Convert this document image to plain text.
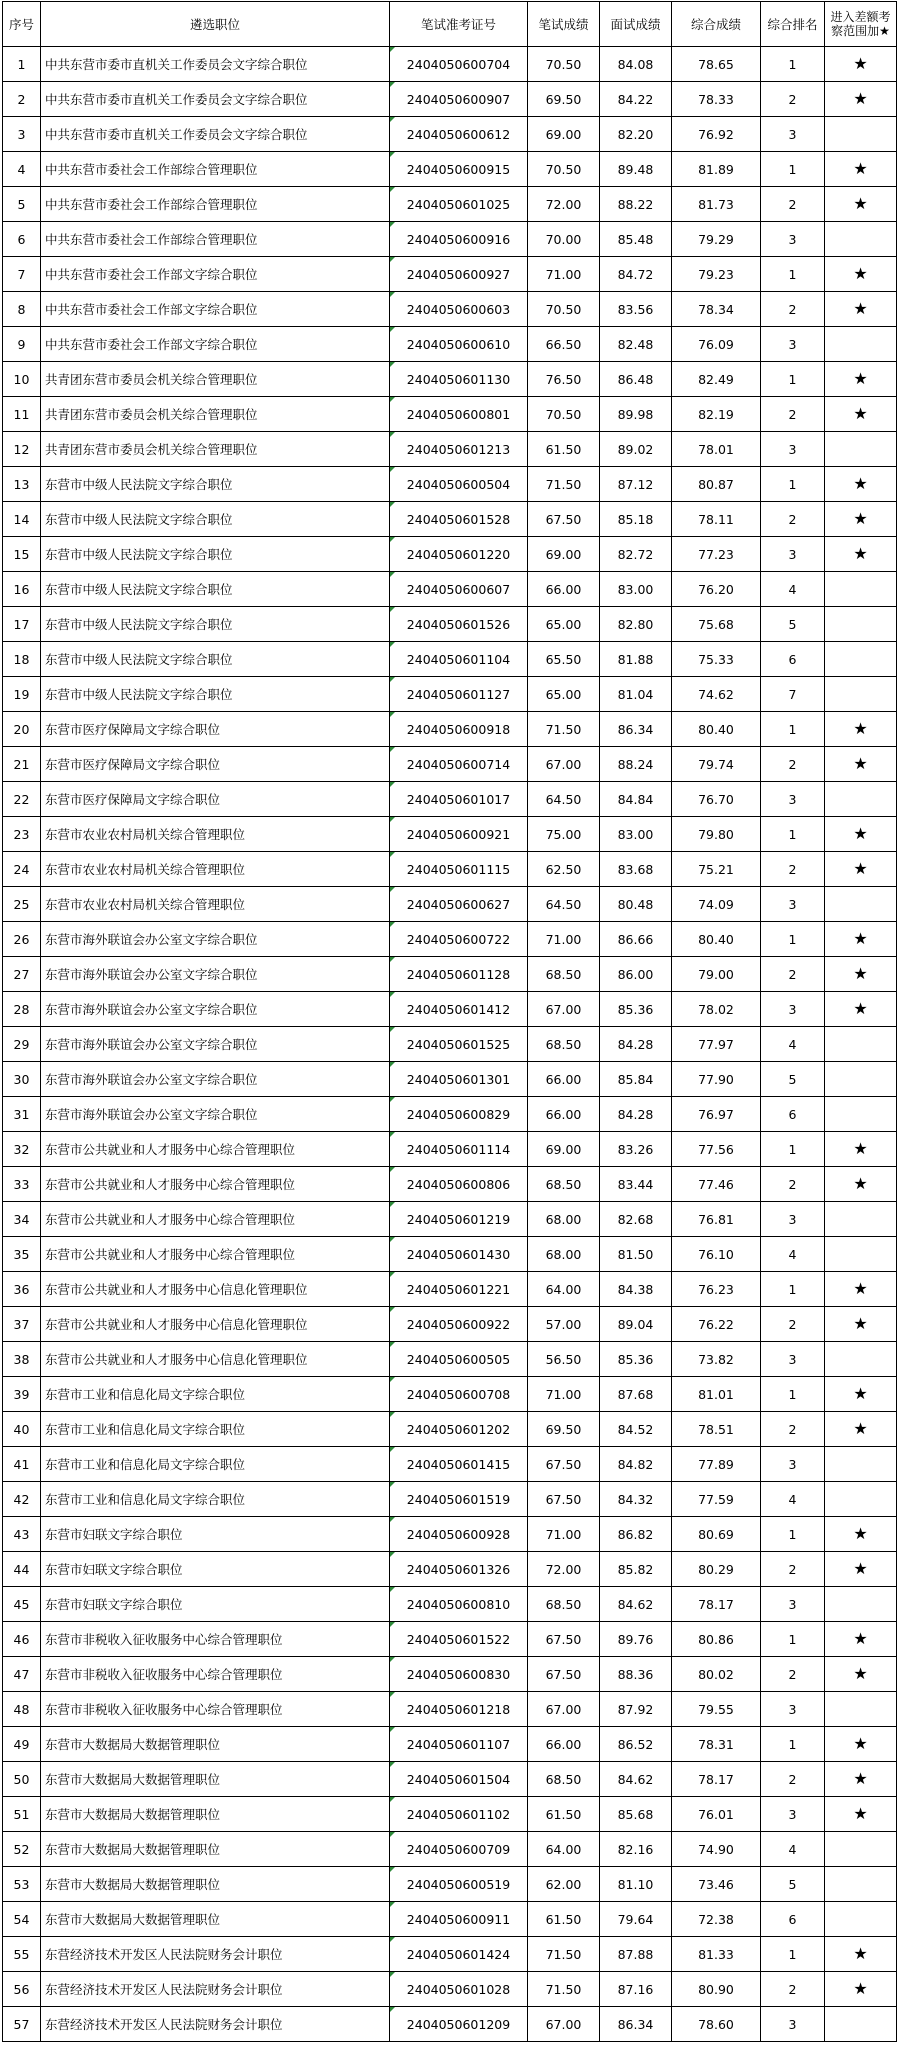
序号	遴选职位	笔试准考证号	笔试成绩	面试成绩	综合成绩	综合排名	进入差额考察范围加★
1	中共东营市委市直机关工作委员会文字综合职位	2404050600704	70.50	84.08	78.65	1	★
2	中共东营市委市直机关工作委员会文字综合职位	2404050600907	69.50	84.22	78.33	2	★
3	中共东营市委市直机关工作委员会文字综合职位	2404050600612	69.00	82.20	76.92	3	
4	中共东营市委社会工作部综合管理职位	2404050600915	70.50	89.48	81.89	1	★
5	中共东营市委社会工作部综合管理职位	2404050601025	72.00	88.22	81.73	2	★
6	中共东营市委社会工作部综合管理职位	2404050600916	70.00	85.48	79.29	3	
7	中共东营市委社会工作部文字综合职位	2404050600927	71.00	84.72	79.23	1	★
8	中共东营市委社会工作部文字综合职位	2404050600603	70.50	83.56	78.34	2	★
9	中共东营市委社会工作部文字综合职位	2404050600610	66.50	82.48	76.09	3	
10	共青团东营市委员会机关综合管理职位	2404050601130	76.50	86.48	82.49	1	★
11	共青团东营市委员会机关综合管理职位	2404050600801	70.50	89.98	82.19	2	★
12	共青团东营市委员会机关综合管理职位	2404050601213	61.50	89.02	78.01	3	
13	东营市中级人民法院文字综合职位	2404050600504	71.50	87.12	80.87	1	★
14	东营市中级人民法院文字综合职位	2404050601528	67.50	85.18	78.11	2	★
15	东营市中级人民法院文字综合职位	2404050601220	69.00	82.72	77.23	3	★
16	东营市中级人民法院文字综合职位	2404050600607	66.00	83.00	76.20	4	
17	东营市中级人民法院文字综合职位	2404050601526	65.00	82.80	75.68	5	
18	东营市中级人民法院文字综合职位	2404050601104	65.50	81.88	75.33	6	
19	东营市中级人民法院文字综合职位	2404050601127	65.00	81.04	74.62	7	
20	东营市医疗保障局文字综合职位	2404050600918	71.50	86.34	80.40	1	★
21	东营市医疗保障局文字综合职位	2404050600714	67.00	88.24	79.74	2	★
22	东营市医疗保障局文字综合职位	2404050601017	64.50	84.84	76.70	3	
23	东营市农业农村局机关综合管理职位	2404050600921	75.00	83.00	79.80	1	★
24	东营市农业农村局机关综合管理职位	2404050601115	62.50	83.68	75.21	2	★
25	东营市农业农村局机关综合管理职位	2404050600627	64.50	80.48	74.09	3	
26	东营市海外联谊会办公室文字综合职位	2404050600722	71.00	86.66	80.40	1	★
27	东营市海外联谊会办公室文字综合职位	2404050601128	68.50	86.00	79.00	2	★
28	东营市海外联谊会办公室文字综合职位	2404050601412	67.00	85.36	78.02	3	★
29	东营市海外联谊会办公室文字综合职位	2404050601525	68.50	84.28	77.97	4	
30	东营市海外联谊会办公室文字综合职位	2404050601301	66.00	85.84	77.90	5	
31	东营市海外联谊会办公室文字综合职位	2404050600829	66.00	84.28	76.97	6	
32	东营市公共就业和人才服务中心综合管理职位	2404050601114	69.00	83.26	77.56	1	★
33	东营市公共就业和人才服务中心综合管理职位	2404050600806	68.50	83.44	77.46	2	★
34	东营市公共就业和人才服务中心综合管理职位	2404050601219	68.00	82.68	76.81	3	
35	东营市公共就业和人才服务中心综合管理职位	2404050601430	68.00	81.50	76.10	4	
36	东营市公共就业和人才服务中心信息化管理职位	2404050601221	64.00	84.38	76.23	1	★
37	东营市公共就业和人才服务中心信息化管理职位	2404050600922	57.00	89.04	76.22	2	★
38	东营市公共就业和人才服务中心信息化管理职位	2404050600505	56.50	85.36	73.82	3	
39	东营市工业和信息化局文字综合职位	2404050600708	71.00	87.68	81.01	1	★
40	东营市工业和信息化局文字综合职位	2404050601202	69.50	84.52	78.51	2	★
41	东营市工业和信息化局文字综合职位	2404050601415	67.50	84.82	77.89	3	
42	东营市工业和信息化局文字综合职位	2404050601519	67.50	84.32	77.59	4	
43	东营市妇联文字综合职位	2404050600928	71.00	86.82	80.69	1	★
44	东营市妇联文字综合职位	2404050601326	72.00	85.82	80.29	2	★
45	东营市妇联文字综合职位	2404050600810	68.50	84.62	78.17	3	
46	东营市非税收入征收服务中心综合管理职位	2404050601522	67.50	89.76	80.86	1	★
47	东营市非税收入征收服务中心综合管理职位	2404050600830	67.50	88.36	80.02	2	★
48	东营市非税收入征收服务中心综合管理职位	2404050601218	67.00	87.92	79.55	3	
49	东营市大数据局大数据管理职位	2404050601107	66.00	86.52	78.31	1	★
50	东营市大数据局大数据管理职位	2404050601504	68.50	84.62	78.17	2	★
51	东营市大数据局大数据管理职位	2404050601102	61.50	85.68	76.01	3	★
52	东营市大数据局大数据管理职位	2404050600709	64.00	82.16	74.90	4	
53	东营市大数据局大数据管理职位	2404050600519	62.00	81.10	73.46	5	
54	东营市大数据局大数据管理职位	2404050600911	61.50	79.64	72.38	6	
55	东营经济技术开发区人民法院财务会计职位	2404050601424	71.50	87.88	81.33	1	★
56	东营经济技术开发区人民法院财务会计职位	2404050601028	71.50	87.16	80.90	2	★
57	东营经济技术开发区人民法院财务会计职位	2404050601209	67.00	86.34	78.60	3	
